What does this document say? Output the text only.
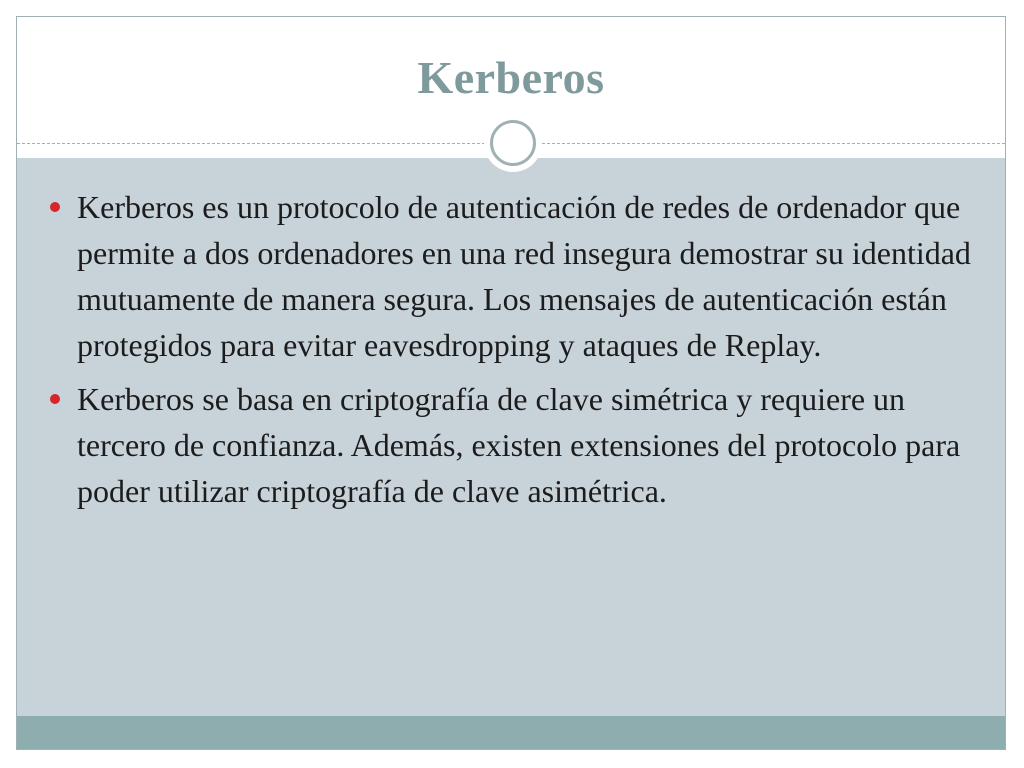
Kerberos
Kerberos es un protocolo de autenticación de redes de ordenador que permite a dos ordenadores en una red insegura demostrar su identidad mutuamente de manera segura. Los mensajes de autenticación están protegidos para evitar eavesdropping y ataques de Replay.
Kerberos se basa en criptografía de clave simétrica y requiere un tercero de confianza. Además, existen extensiones del protocolo para poder utilizar criptografía de clave asimétrica.
